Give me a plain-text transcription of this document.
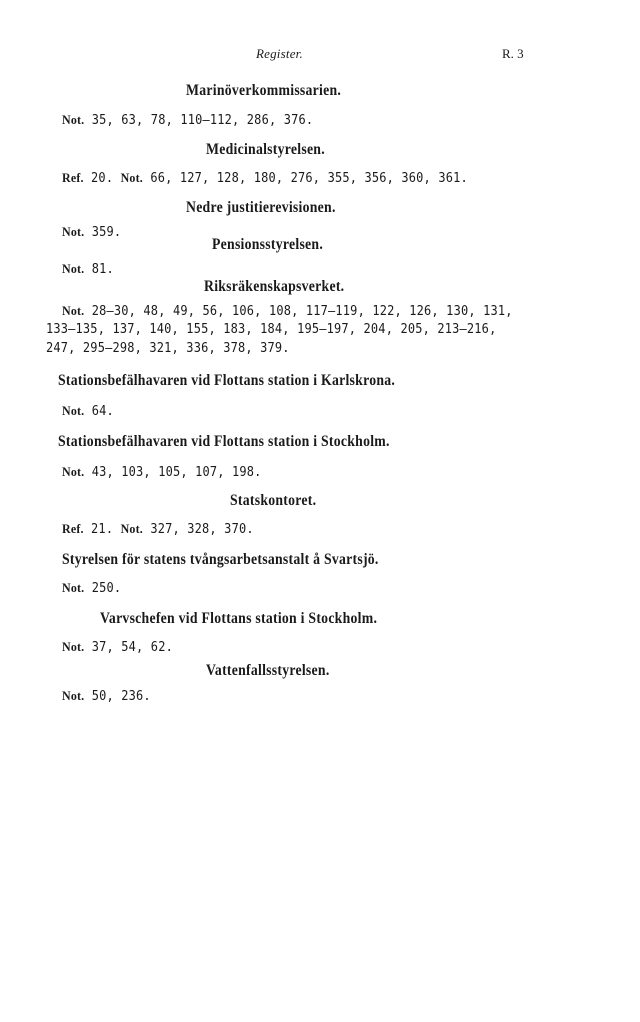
Register.	R. 3
Marinöverkommissarien.
Not. 35, 63, 78, 110—112, 286, 376.
Medicinalstyrelsen.
Ref. 20. Not. 66, 127, 128, 180, 276, 355, 356, 360, 361.
Nedre justitierevisionen.
Not. 359.
Pensionsstyrelsen.
Not. 81.
Riksräkenskapsverket.
Not. 28—30, 48, 49, 56, 106, 108, 117—119, 122, 126, 130, 131,
133—135, 137, 140, 155, 183, 184, 195—197, 204, 205, 213—216,
247, 295—298, 321, 336, 378, 379.
Stationsbefälhavaren vid Flottans station i Karlskrona.
Not. 64.
Stationsbefälhavaren vid Flottans station i Stockholm.
Not. 43, 103, 105, 107, 198.
Statskontoret.
Ref. 21. Not. 327, 328, 370.
Styrelsen för statens tvångsarbetsanstalt å Svartsjö.
Not. 250.
Varvschefen vid Flottans station i Stockholm.
Not. 37, 54, 62.
Vattenfallsstyrelsen.
Not. 50, 236.
